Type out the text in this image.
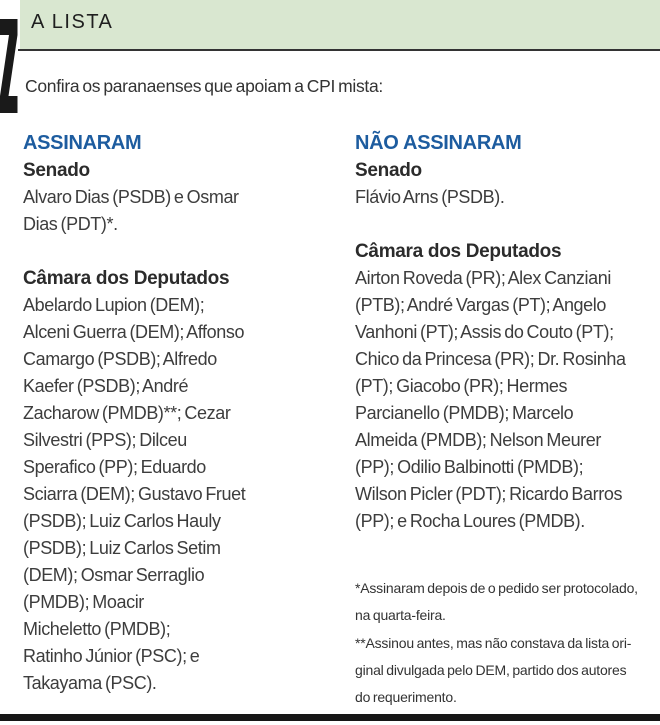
A LISTA
Confira os paranaenses que apoiam a CPI mista:
ASSINARAM
Senado
Alvaro Dias (PSDB) e Osmar
Dias (PDT)*.
Câmara dos Deputados
Abelardo Lupion (DEM);
Alceni Guerra (DEM); Affonso
Camargo (PSDB); Alfredo
Kaefer (PSDB); André
Zacharow (PMDB)**; Cezar
Silvestri (PPS); Dilceu
Sperafico (PP); Eduardo
Sciarra (DEM); Gustavo Fruet
(PSDB); Luiz Carlos Hauly
(PSDB); Luiz Carlos Setim
(DEM); Osmar Serraglio
(PMDB); Moacir
Micheletto (PMDB);
Ratinho Júnior (PSC); e
Takayama (PSC).
NÃO ASSINARAM
Senado
Flávio Arns (PSDB).
Câmara dos Deputados
Airton Roveda (PR); Alex Canziani
(PTB); André Vargas (PT); Angelo
Vanhoni (PT); Assis do Couto (PT);
Chico da Princesa (PR); Dr. Rosinha
(PT); Giacobo (PR); Hermes
Parcianello (PMDB); Marcelo
Almeida (PMDB); Nelson Meurer
(PP); Odilio Balbinotti (PMDB);
Wilson Picler (PDT); Ricardo Barros
(PP); e Rocha Loures (PMDB).
*Assinaram depois de o pedido ser protocolado,
na quarta-feira.
**Assinou antes, mas não constava da lista ori-
ginal divulgada pelo DEM, partido dos autores
do requerimento.
